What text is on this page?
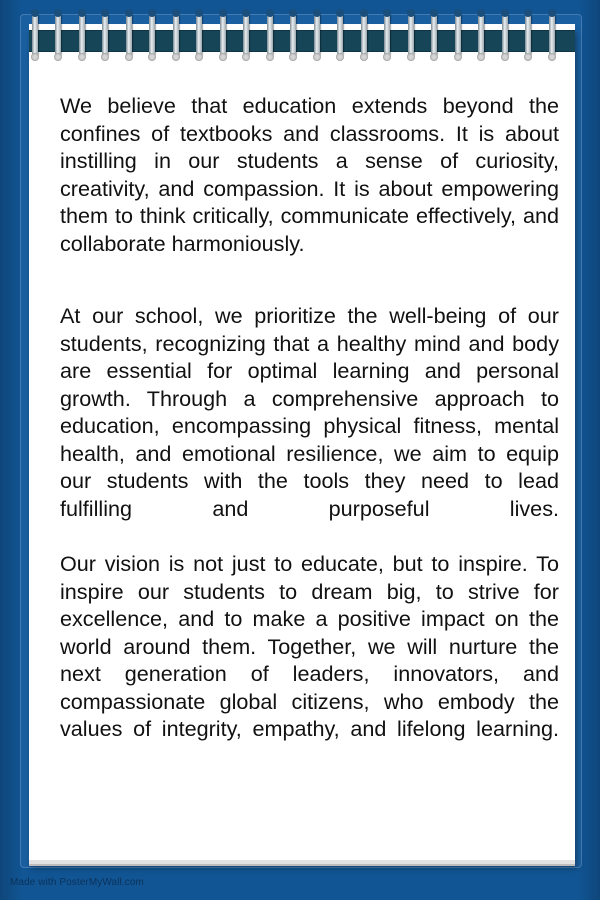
We believe that education extends beyond the confines of textbooks and classrooms. It is about instilling in our students a sense of curiosity, creativity, and compassion. It is about empowering them to think critically, communicate effectively, and collaborate harmoniously.

At our school, we prioritize the well-being of our students, recognizing that a healthy mind and body are essential for optimal learning and personal growth. Through a comprehensive approach to education, encompassing physical fitness, mental health, and emotional resilience, we aim to equip our students with the tools they need to lead fulfilling and purposeful lives.

Our vision is not just to educate, but to inspire. To inspire our students to dream big, to strive for excellence, and to make a positive impact on the world around them. Together, we will nurture the next generation of leaders, innovators, and compassionate global citizens, who embody the values of integrity, empathy, and lifelong learning.

Made with PosterMyWall.com
